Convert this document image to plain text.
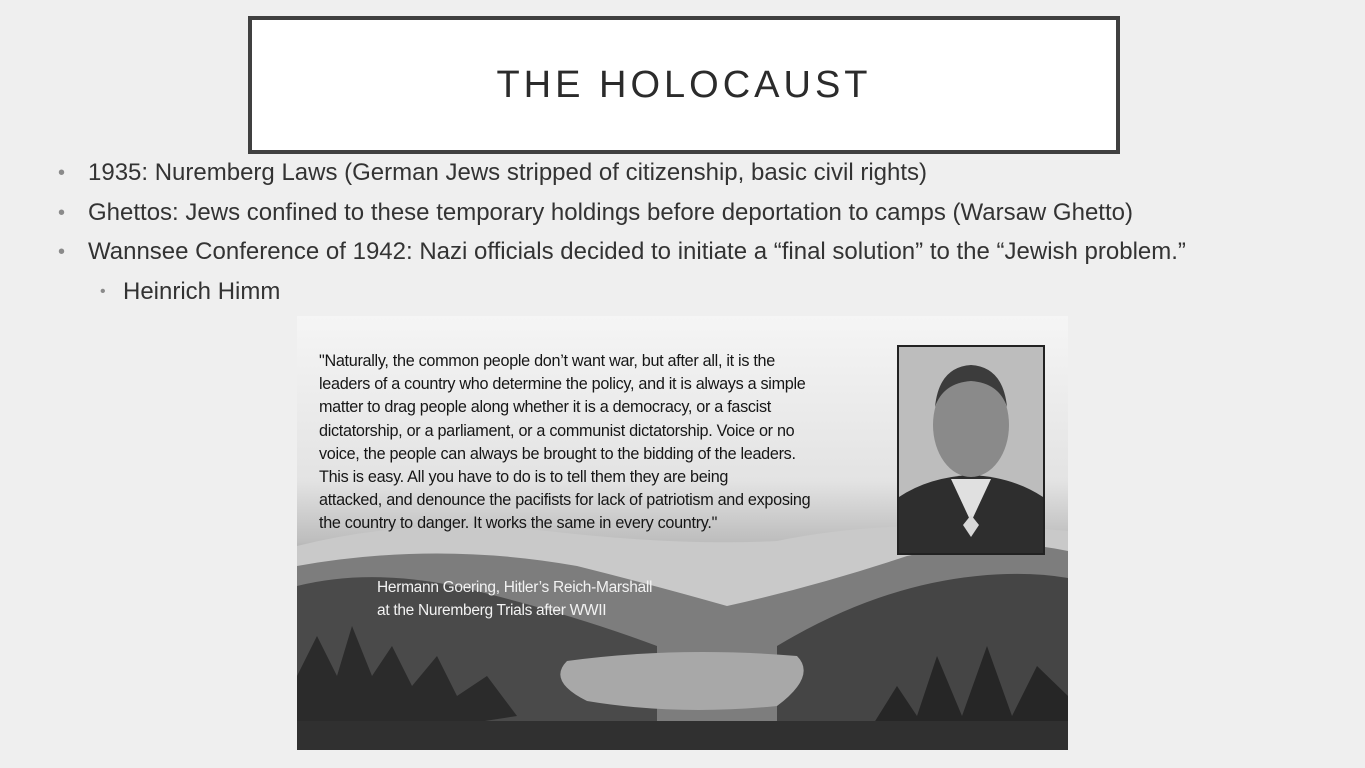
THE HOLOCAUST
• 1935: Nuremberg Laws (German Jews stripped of citizenship, basic civil rights)
• Ghettos: Jews confined to these temporary holdings before deportation to camps (Warsaw Ghetto)
• Wannsee Conference of 1942: Nazi officials decided to initiate a “final solution” to the “Jewish problem.”
• Heinrich Himm
"Naturally, the common people don’t want war, but after all, it is the
leaders of a country who determine the policy, and it is always a simple
matter to drag people along whether it is a democracy, or a fascist
dictatorship, or a parliament, or a communist dictatorship. Voice or no
voice, the people can always be brought to the bidding of the leaders.
This is easy. All you have to do is to tell them they are being
attacked, and denounce the pacifists for lack of patriotism and exposing
the country to danger. It works the same in every country."
Hermann Goering, Hitler’s Reich-Marshall
at the Nuremberg Trials after WWII
